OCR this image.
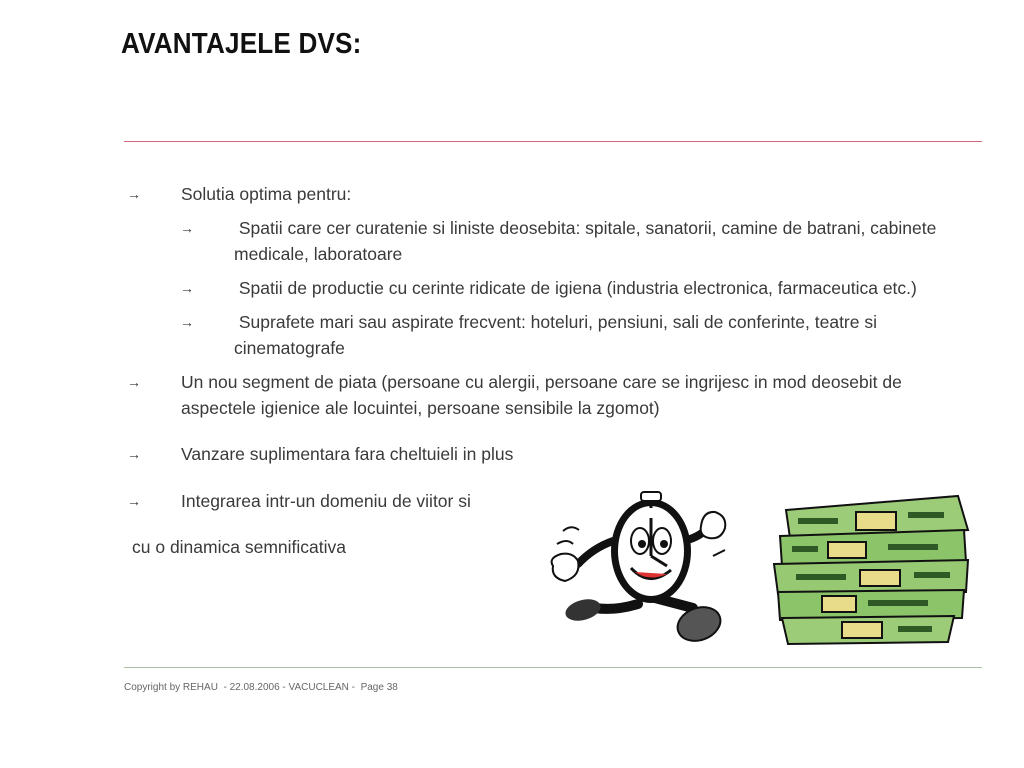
AVANTAJELE DVS:
→ Solutia optima pentru:
→ Spatii care cer curatenie si liniste deosebita: spitale, sanatorii, camine de batrani, cabinete medicale, laboratoare
→ Spatii de productie cu cerinte ridicate de igiena (industria electronica, farmaceutica etc.)
→ Suprafete mari sau aspirate frecvent: hoteluri, pensiuni, sali de conferinte, teatre si cinematografe
→ Un nou segment de piata (persoane cu alergii, persoane care se ingrijesc in mod deosebit de aspectele igienice ale locuintei, persoane sensibile la zgomot)
→ Vanzare suplimentara fara cheltuieli in plus
→ Integrarea intr-un domeniu de viitor si
cu o dinamica semnificativa
Copyright by REHAU  - 22.08.2006 - VACUCLEAN -  Page 38
